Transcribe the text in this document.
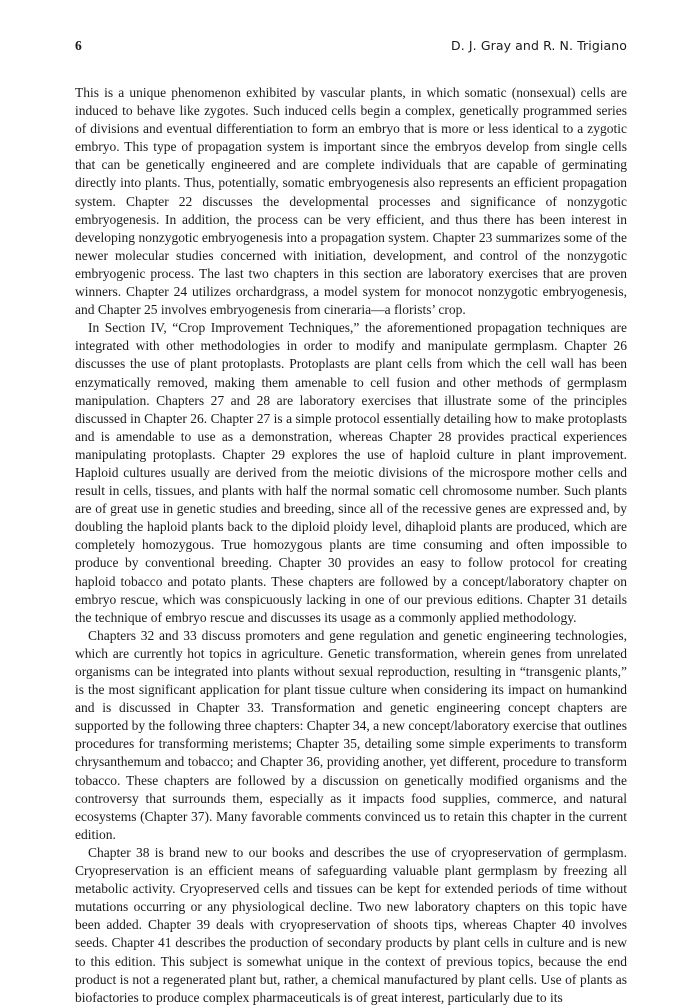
6	D. J. Gray and R. N. Trigiano

This is a unique phenomenon exhibited by vascular plants, in which somatic (nonsexual) cells are induced to behave like zygotes. Such induced cells begin a complex, genetically programmed series of divisions and eventual differentiation to form an embryo that is more or less identical to a zygotic embryo. This type of propagation system is important since the embryos develop from single cells that can be genetically engineered and are complete individuals that are capable of germinating directly into plants. Thus, potentially, somatic embryogenesis also represents an efficient propagation system. Chapter 22 discusses the developmental processes and significance of nonzygotic embryogenesis. In addition, the process can be very efficient, and thus there has been interest in developing nonzygotic embryogenesis into a propagation system. Chapter 23 summarizes some of the newer molecular studies concerned with initiation, development, and control of the nonzygotic embryogenic process. The last two chapters in this section are laboratory exercises that are proven winners. Chapter 24 utilizes orchardgrass, a model system for monocot nonzygotic embryogenesis, and Chapter 25 involves embryogenesis from cineraria—a florists’ crop.

In Section IV, “Crop Improvement Techniques,” the aforementioned propagation techniques are integrated with other methodologies in order to modify and manipulate germplasm. Chapter 26 discusses the use of plant protoplasts. Protoplasts are plant cells from which the cell wall has been enzymatically removed, making them amenable to cell fusion and other methods of germplasm manipulation. Chapters 27 and 28 are laboratory exercises that illustrate some of the principles discussed in Chapter 26. Chapter 27 is a simple protocol essentially detailing how to make protoplasts and is amendable to use as a demonstration, whereas Chapter 28 provides practical experiences manipulating protoplasts. Chapter 29 explores the use of haploid culture in plant improvement. Haploid cultures usually are derived from the meiotic divisions of the microspore mother cells and result in cells, tissues, and plants with half the normal somatic cell chromosome number. Such plants are of great use in genetic studies and breeding, since all of the recessive genes are expressed and, by doubling the haploid plants back to the diploid ploidy level, dihaploid plants are produced, which are completely homozygous. True homozygous plants are time consuming and often impossible to produce by conventional breeding. Chapter 30 provides an easy to follow protocol for creating haploid tobacco and potato plants. These chapters are followed by a concept/laboratory chapter on embryo rescue, which was conspicuously lacking in one of our previous editions. Chapter 31 details the technique of embryo rescue and discusses its usage as a commonly applied methodology.

Chapters 32 and 33 discuss promoters and gene regulation and genetic engineering technologies, which are currently hot topics in agriculture. Genetic transformation, wherein genes from unrelated organisms can be integrated into plants without sexual reproduction, resulting in “transgenic plants,” is the most significant application for plant tissue culture when considering its impact on humankind and is discussed in Chapter 33. Transformation and genetic engineering concept chapters are supported by the following three chapters: Chapter 34, a new concept/laboratory exercise that outlines procedures for transforming meristems; Chapter 35, detailing some simple experiments to transform chrysanthemum and tobacco; and Chapter 36, providing another, yet different, procedure to transform tobacco. These chapters are followed by a discussion on genetically modified organisms and the controversy that surrounds them, especially as it impacts food supplies, commerce, and natural ecosystems (Chapter 37). Many favorable comments convinced us to retain this chapter in the current edition.

Chapter 38 is brand new to our books and describes the use of cryopreservation of germplasm. Cryopreservation is an efficient means of safeguarding valuable plant germplasm by freezing all metabolic activity. Cryopreserved cells and tissues can be kept for extended periods of time without mutations occurring or any physiological decline. Two new laboratory chapters on this topic have been added. Chapter 39 deals with cryopreservation of shoots tips, whereas Chapter 40 involves seeds. Chapter 41 describes the production of secondary products by plant cells in culture and is new to this edition. This subject is somewhat unique in the context of previous topics, because the end product is not a regenerated plant but, rather, a chemical manufactured by plant cells. Use of plants as biofactories to produce complex pharmaceuticals is of great interest, particularly due to its
